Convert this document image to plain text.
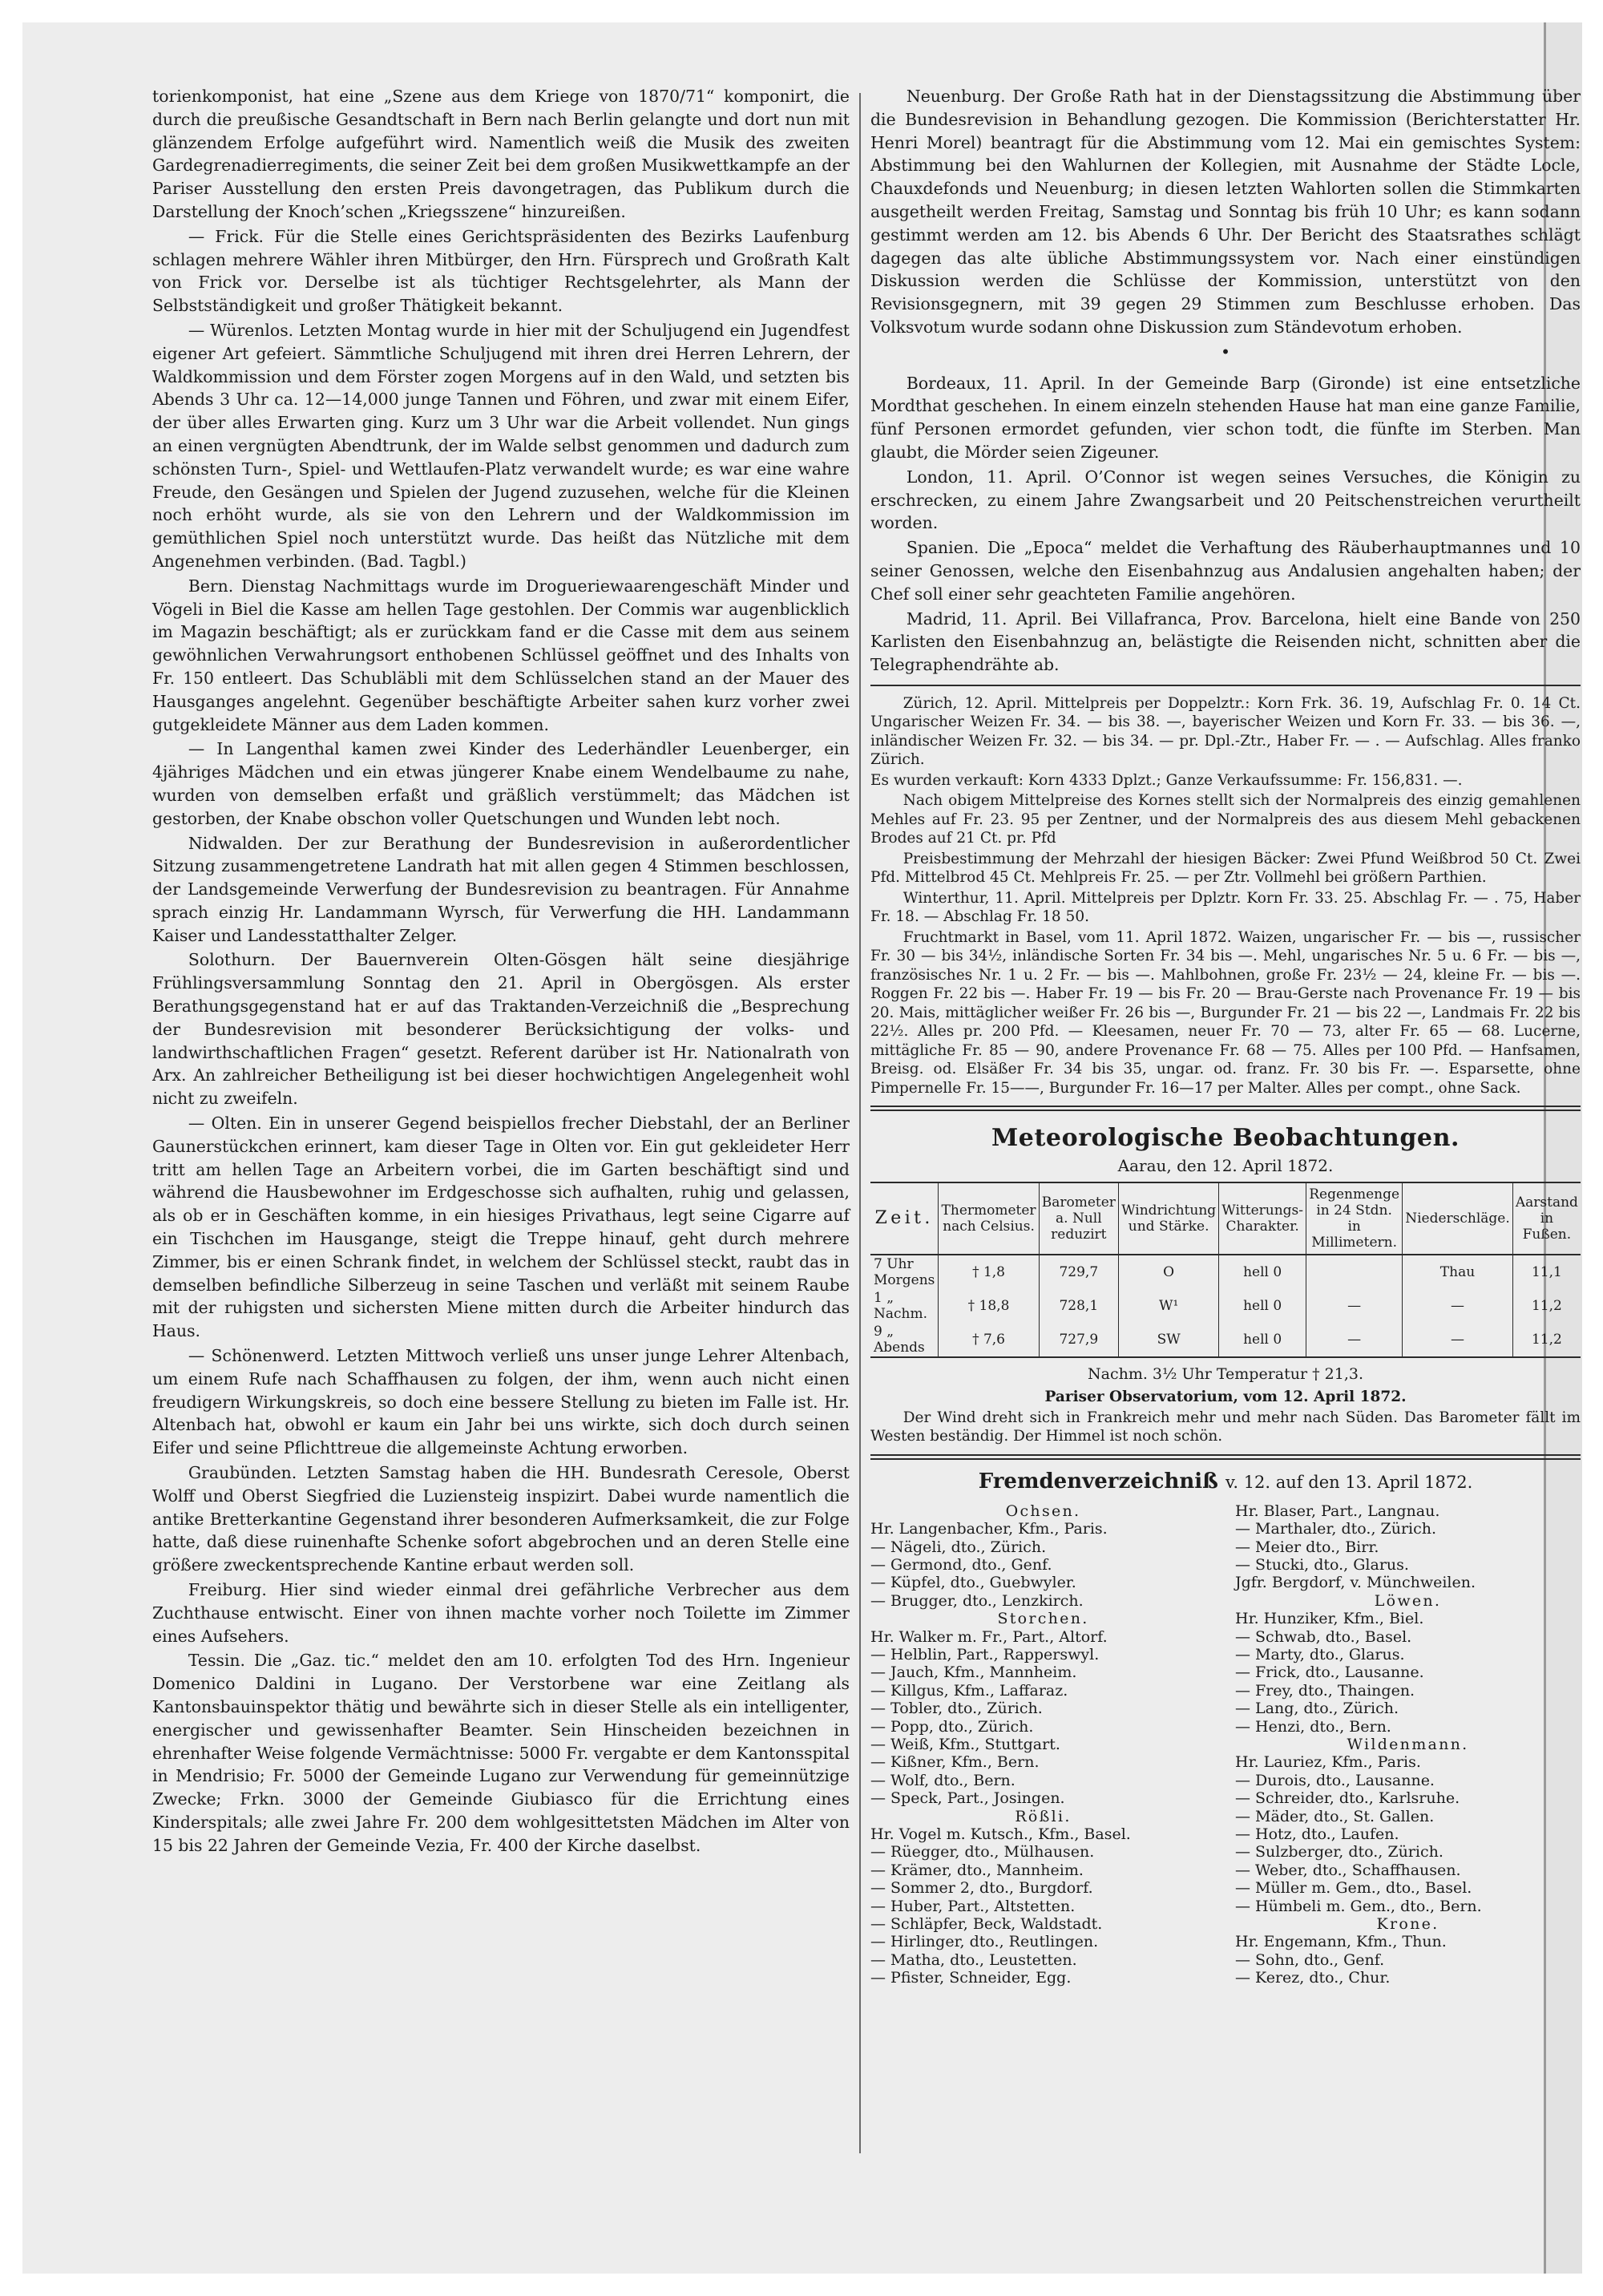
torienkomponist, hat eine „Szene aus dem Kriege von 1870/71“ komponirt, die durch die preußische Gesandtschaft in Bern nach Berlin gelangte und dort nun mit glänzendem Erfolge aufgeführt wird. Namentlich weiß die Musik des zweiten Gardegrenadierregiments, die seiner Zeit bei dem großen Musikwettkampfe an der Pariser Ausstellung den ersten Preis davongetragen, das Publikum durch die Darstellung der Knoch’schen „Kriegsszene“ hinzureißen.

— Frick. Für die Stelle eines Gerichtspräsidenten des Bezirks Laufenburg schlagen mehrere Wähler ihren Mitbürger, den Hrn. Fürsprech und Großrath Kalt von Frick vor. Derselbe ist als tüchtiger Rechtsgelehrter, als Mann der Selbstständigkeit und großer Thätigkeit bekannt.

— Würenlos. Letzten Montag wurde in hier mit der Schuljugend ein Jugendfest eigener Art gefeiert. Sämmtliche Schuljugend mit ihren drei Herren Lehrern, der Waldkommission und dem Förster zogen Morgens auf in den Wald, und setzten bis Abends 3 Uhr ca. 12—14,000 junge Tannen und Föhren, und zwar mit einem Eifer, der über alles Erwarten ging. Kurz um 3 Uhr war die Arbeit vollendet. Nun gings an einen vergnügten Abendtrunk, der im Walde selbst genommen und dadurch zum schönsten Turn-, Spiel- und Wettlaufen-Platz verwandelt wurde; es war eine wahre Freude, den Gesängen und Spielen der Jugend zuzusehen, welche für die Kleinen noch erhöht wurde, als sie von den Lehrern und der Waldkommission im gemüthlichen Spiel noch unterstützt wurde. Das heißt das Nützliche mit dem Angenehmen verbinden. (Bad. Tagbl.)

Bern. Dienstag Nachmittags wurde im Drogueriewaarengeschäft Minder und Vögeli in Biel die Kasse am hellen Tage gestohlen. Der Commis war augenblicklich im Magazin beschäftigt; als er zurückkam fand er die Casse mit dem aus seinem gewöhnlichen Verwahrungsort enthobenen Schlüssel geöffnet und des Inhalts von Fr. 150 entleert. Das Schubläbli mit dem Schlüsselchen stand an der Mauer des Hausganges angelehnt. Gegenüber beschäftigte Arbeiter sahen kurz vorher zwei gutgekleidete Männer aus dem Laden kommen.

— In Langenthal kamen zwei Kinder des Lederhändler Leuenberger, ein 4jähriges Mädchen und ein etwas jüngerer Knabe einem Wendelbaume zu nahe, wurden von demselben erfaßt und gräßlich verstümmelt; das Mädchen ist gestorben, der Knabe obschon voller Quetschungen und Wunden lebt noch.

Nidwalden. Der zur Berathung der Bundesrevision in außerordentlicher Sitzung zusammengetretene Landrath hat mit allen gegen 4 Stimmen beschlossen, der Landsgemeinde Verwerfung der Bundesrevision zu beantragen. Für Annahme sprach einzig Hr. Landammann Wyrsch, für Verwerfung die HH. Landammann Kaiser und Landesstatthalter Zelger.

Solothurn. Der Bauernverein Olten-Gösgen hält seine diesjährige Frühlingsversammlung Sonntag den 21. April in Obergösgen. Als erster Berathungsgegenstand hat er auf das Traktanden-Verzeichniß die „Besprechung der Bundesrevision mit besonderer Berücksichtigung der volks- und landwirthschaftlichen Fragen“ gesetzt. Referent darüber ist Hr. Nationalrath von Arx. An zahlreicher Betheiligung ist bei dieser hochwichtigen Angelegenheit wohl nicht zu zweifeln.

— Olten. Ein in unserer Gegend beispiellos frecher Diebstahl, der an Berliner Gaunerstückchen erinnert, kam dieser Tage in Olten vor. Ein gut gekleideter Herr tritt am hellen Tage an Arbeitern vorbei, die im Garten beschäftigt sind und während die Hausbewohner im Erdgeschosse sich aufhalten, ruhig und gelassen, als ob er in Geschäften komme, in ein hiesiges Privathaus, legt seine Cigarre auf ein Tischchen im Hausgange, steigt die Treppe hinauf, geht durch mehrere Zimmer, bis er einen Schrank findet, in welchem der Schlüssel steckt, raubt das in demselben befindliche Silberzeug in seine Taschen und verläßt mit seinem Raube mit der ruhigsten und sichersten Miene mitten durch die Arbeiter hindurch das Haus.

— Schönenwerd. Letzten Mittwoch verließ uns unser junge Lehrer Altenbach, um einem Rufe nach Schaffhausen zu folgen, der ihm, wenn auch nicht einen freudigern Wirkungskreis, so doch eine bessere Stellung zu bieten im Falle ist. Hr. Altenbach hat, obwohl er kaum ein Jahr bei uns wirkte, sich doch durch seinen Eifer und seine Pflichttreue die allgemeinste Achtung erworben.

Graubünden. Letzten Samstag haben die HH. Bundesrath Ceresole, Oberst Wolff und Oberst Siegfried die Luziensteig inspizirt. Dabei wurde namentlich die antike Bretterkantine Gegenstand ihrer besonderen Aufmerksamkeit, die zur Folge hatte, daß diese ruinenhafte Schenke sofort abgebrochen und an deren Stelle eine größere zweckentsprechende Kantine erbaut werden soll.

Freiburg. Hier sind wieder einmal drei gefährliche Verbrecher aus dem Zuchthause entwischt. Einer von ihnen machte vorher noch Toilette im Zimmer eines Aufsehers.

Tessin. Die „Gaz. tic.“ meldet den am 10. erfolgten Tod des Hrn. Ingenieur Domenico Daldini in Lugano. Der Verstorbene war eine Zeitlang als Kantonsbauinspektor thätig und bewährte sich in dieser Stelle als ein intelligenter, energischer und gewissenhafter Beamter. Sein Hinscheiden bezeichnen in ehrenhafter Weise folgende Vermächtnisse: 5000 Fr. vergabte er dem Kantonsspital in Mendrisio; Fr. 5000 der Gemeinde Lugano zur Verwendung für gemeinnützige Zwecke; Frkn. 3000 der Gemeinde Giubiasco für die Errichtung eines Kinderspitals; alle zwei Jahre Fr. 200 dem wohlgesittetsten Mädchen im Alter von 15 bis 22 Jahren der Gemeinde Vezia, Fr. 400 der Kirche daselbst.

Neuenburg. Der Große Rath hat in der Dienstagssitzung die Abstimmung über die Bundesrevision in Behandlung gezogen. Die Kommission (Berichterstatter Hr. Henri Morel) beantragt für die Abstimmung vom 12. Mai ein gemischtes System: Abstimmung bei den Wahlurnen der Kollegien, mit Ausnahme der Städte Locle, Chauxdefonds und Neuenburg; in diesen letzten Wahlorten sollen die Stimmkarten ausgetheilt werden Freitag, Samstag und Sonntag bis früh 10 Uhr; es kann sodann gestimmt werden am 12. bis Abends 6 Uhr. Der Bericht des Staatsrathes schlägt dagegen das alte übliche Abstimmungssystem vor. Nach einer einstündigen Diskussion werden die Schlüsse der Kommission, unterstützt von den Revisionsgegnern, mit 39 gegen 29 Stimmen zum Beschlusse erhoben. Das Volksvotum wurde sodann ohne Diskussion zum Ständevotum erhoben.

•

Bordeaux, 11. April. In der Gemeinde Barp (Gironde) ist eine entsetzliche Mordthat geschehen. In einem einzeln stehenden Hause hat man eine ganze Familie, fünf Personen ermordet gefunden, vier schon todt, die fünfte im Sterben. Man glaubt, die Mörder seien Zigeuner.

London, 11. April. O’Connor ist wegen seines Versuches, die Königin zu erschrecken, zu einem Jahre Zwangsarbeit und 20 Peitschenstreichen verurtheilt worden.

Spanien. Die „Epoca“ meldet die Verhaftung des Räuberhauptmannes und 10 seiner Genossen, welche den Eisenbahnzug aus Andalusien angehalten haben; der Chef soll einer sehr geachteten Familie angehören.

Madrid, 11. April. Bei Villafranca, Prov. Barcelona, hielt eine Bande von 250 Karlisten den Eisenbahnzug an, belästigte die Reisenden nicht, schnitten aber die Telegraphendrähte ab.

Zürich, 12. April. Mittelpreis per Doppelztr.: Korn Frk. 36. 19, Aufschlag Fr. 0. 14 Ct. Ungarischer Weizen Fr. 34. — bis 38. —, bayerischer Weizen und Korn Fr. 33. — bis 36. —, inländischer Weizen Fr. 32. — bis 34. — pr. Dpl.-Ztr., Haber Fr. — . — Aufschlag. Alles franko Zürich.

Es wurden verkauft: Korn 4333 Dplzt.; Ganze Verkaufssumme: Fr. 156,831. —.

Nach obigem Mittelpreise des Kornes stellt sich der Normalpreis des einzig gemahlenen Mehles auf Fr. 23. 95 per Zentner, und der Normalpreis des aus diesem Mehl gebackenen Brodes auf 21 Ct. pr. Pfd

Preisbestimmung der Mehrzahl der hiesigen Bäcker: Zwei Pfund Weißbrod 50 Ct. Zwei Pfd. Mittelbrod 45 Ct. Mehlpreis Fr. 25. — per Ztr. Vollmehl bei größern Parthien.

Winterthur, 11. April. Mittelpreis per Dplztr. Korn Fr. 33. 25. Abschlag Fr. — . 75, Haber Fr. 18. — Abschlag Fr. 18 50.

Fruchtmarkt in Basel, vom 11. April 1872. Waizen, ungarischer Fr. — bis —, russischer Fr. 30 — bis 34½, inländische Sorten Fr. 34 bis —. Mehl, ungarisches Nr. 5 u. 6 Fr. — bis —, französisches Nr. 1 u. 2 Fr. — bis —. Mahlbohnen, große Fr. 23½ — 24, kleine Fr. — bis —. Roggen Fr. 22 bis —. Haber Fr. 19 — bis Fr. 20 — Brau-Gerste nach Provenance Fr. 19 — bis 20. Mais, mittäglicher weißer Fr. 26 bis —, Burgunder Fr. 21 — bis 22 —, Landmais Fr. 22 bis 22½. Alles pr. 200 Pfd. — Kleesamen, neuer Fr. 70 — 73, alter Fr. 65 — 68. Lucerne, mittägliche Fr. 85 — 90, andere Provenance Fr. 68 — 75. Alles per 100 Pfd. — Hanfsamen, Breisg. od. Elsäßer Fr. 34 bis 35, ungar. od. franz. Fr. 30 bis Fr. —. Esparsette, ohne Pimpernelle Fr. 15——, Burgunder Fr. 16—17 per Malter. Alles per compt., ohne Sack.

Meteorologische Beobachtungen.
Aarau, den 12. April 1872.
Zeit.	Thermometer nach Celsius.	Barometer a. Null reduzirt	Windrichtung und Stärke.	Witterungs-Charakter.	Regenmenge in 24 Stdn. in Millimetern.	Niederschläge.	Aarstand in Fußen.
7 Uhr Morgens	† 1,8	729,7	O	hell 0		Thau	11,1
1 „ Nachm.	† 18,8	728,1	W¹	hell 0	—	—	11,2
9 „ Abends	† 7,6	727,9	SW	hell 0	—	—	11,2

Nachm. 3½ Uhr Temperatur † 21,3.

Pariser Observatorium, vom 12. April 1872.

Der Wind dreht sich in Frankreich mehr und mehr nach Süden. Das Barometer fällt im Westen beständig. Der Himmel ist noch schön.

Fremdenverzeichniß v. 12. auf den 13. April 1872.
Ochsen.
Hr. Langenbacher, Kfm., Paris.
— Nägeli, dto., Zürich.
— Germond, dto., Genf.
— Küpfel, dto., Guebwyler.
— Brugger, dto., Lenzkirch.
Storchen.
Hr. Walker m. Fr., Part., Altorf.
— Helblin, Part., Rapperswyl.
— Jauch, Kfm., Mannheim.
— Killgus, Kfm., Laffaraz.
— Tobler, dto., Zürich.
— Popp, dto., Zürich.
— Weiß, Kfm., Stuttgart.
— Kißner, Kfm., Bern.
— Wolf, dto., Bern.
— Speck, Part., Josingen.
Rößli.
Hr. Vogel m. Kutsch., Kfm., Basel.
— Rüegger, dto., Mülhausen.
— Krämer, dto., Mannheim.
— Sommer 2, dto., Burgdorf.
— Huber, Part., Altstetten.
— Schläpfer, Beck, Waldstadt.
— Hirlinger, dto., Reutlingen.
— Matha, dto., Leustetten.
— Pfister, Schneider, Egg.
Hr. Blaser, Part., Langnau.
— Marthaler, dto., Zürich.
— Meier dto., Birr.
— Stucki, dto., Glarus.
Jgfr. Bergdorf, v. Münchweilen.
Löwen.
Hr. Hunziker, Kfm., Biel.
— Schwab, dto., Basel.
— Marty, dto., Glarus.
— Frick, dto., Lausanne.
— Frey, dto., Thaingen.
— Lang, dto., Zürich.
— Henzi, dto., Bern.
Wildenmann.
Hr. Lauriez, Kfm., Paris.
— Durois, dto., Lausanne.
— Schreider, dto., Karlsruhe.
— Mäder, dto., St. Gallen.
— Hotz, dto., Laufen.
— Sulzberger, dto., Zürich.
— Weber, dto., Schaffhausen.
— Müller m. Gem., dto., Basel.
— Hümbeli m. Gem., dto., Bern.
Krone.
Hr. Engemann, Kfm., Thun.
— Sohn, dto., Genf.
— Kerez, dto., Chur.
